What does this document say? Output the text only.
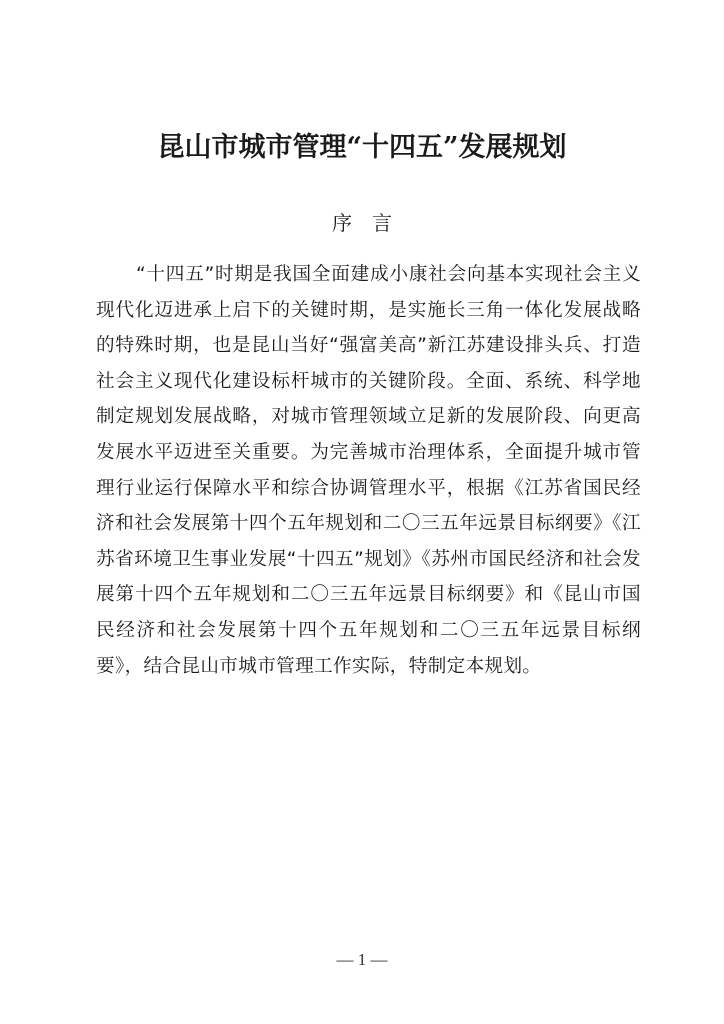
昆山市城市管理“十四五”发展规划
序 言

“十四五”时期是我国全面建成小康社会向基本实现社会主义现代化迈进承上启下的关键时期，是实施长三角一体化发展战略的特殊时期，也是昆山当好“强富美高”新江苏建设排头兵、打造社会主义现代化建设标杆城市的关键阶段。全面、系统、科学地制定规划发展战略，对城市管理领域立足新的发展阶段、向更高发展水平迈进至关重要。为完善城市治理体系，全面提升城市管理行业运行保障水平和综合协调管理水平，根据《江苏省国民经济和社会发展第十四个五年规划和二〇三五年远景目标纲要》《江苏省环境卫生事业发展“十四五”规划》《苏州市国民经济和社会发展第十四个五年规划和二〇三五年远景目标纲要》和《昆山市国民经济和社会发展第十四个五年规划和二〇三五年远景目标纲要》，结合昆山市城市管理工作实际，特制定本规划。

— 1 —
